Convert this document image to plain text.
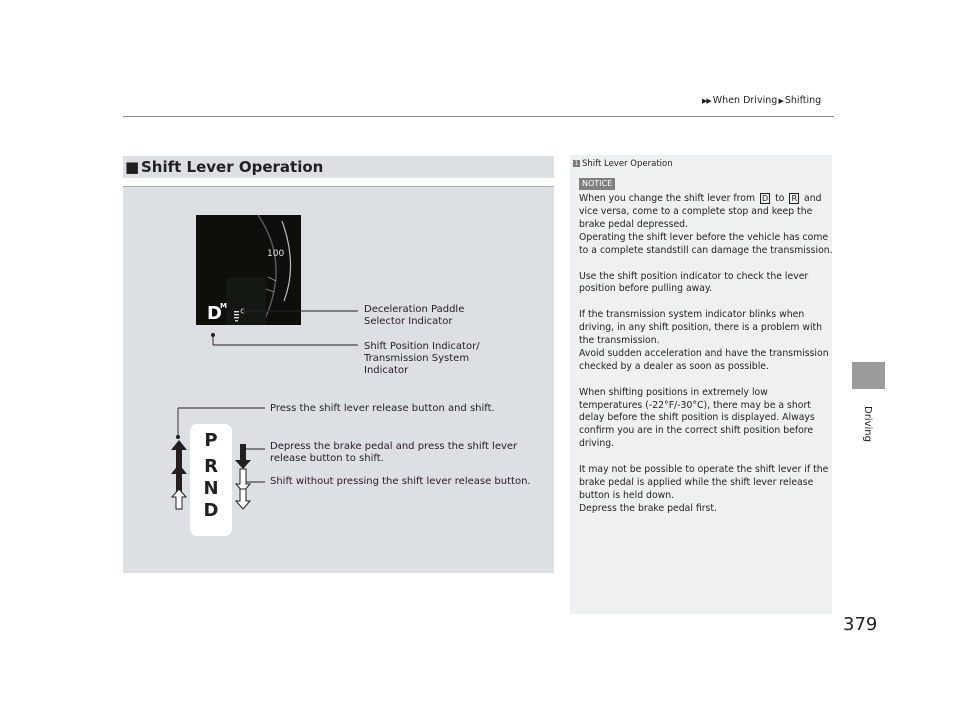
▶▶ When Driving ▶ Shifting
Driving
379
■ Shift Lever Operation
D
M
100
Deceleration Paddle
Selector Indicator
Shift Position Indicator/
Transmission System
Indicator
Press the shift lever release button and shift.
Depress the brake pedal and press the shift lever
release button to shift.
Shift without pressing the shift lever release button.
P
R
N
D
1 Shift Lever Operation
NOTICE
When you change the shift lever from D to R and
vice versa, come to a complete stop and keep the
brake pedal depressed.
Operating the shift lever before the vehicle has come
to a complete standstill can damage the transmission.
Use the shift position indicator to check the lever
position before pulling away.
If the transmission system indicator blinks when
driving, in any shift position, there is a problem with
the transmission.
Avoid sudden acceleration and have the transmission
checked by a dealer as soon as possible.
When shifting positions in extremely low
temperatures (-22°F/-30°C), there may be a short
delay before the shift position is displayed. Always
confirm you are in the correct shift position before
driving.
It may not be possible to operate the shift lever if the
brake pedal is applied while the shift lever release
button is held down.
Depress the brake pedal first.
